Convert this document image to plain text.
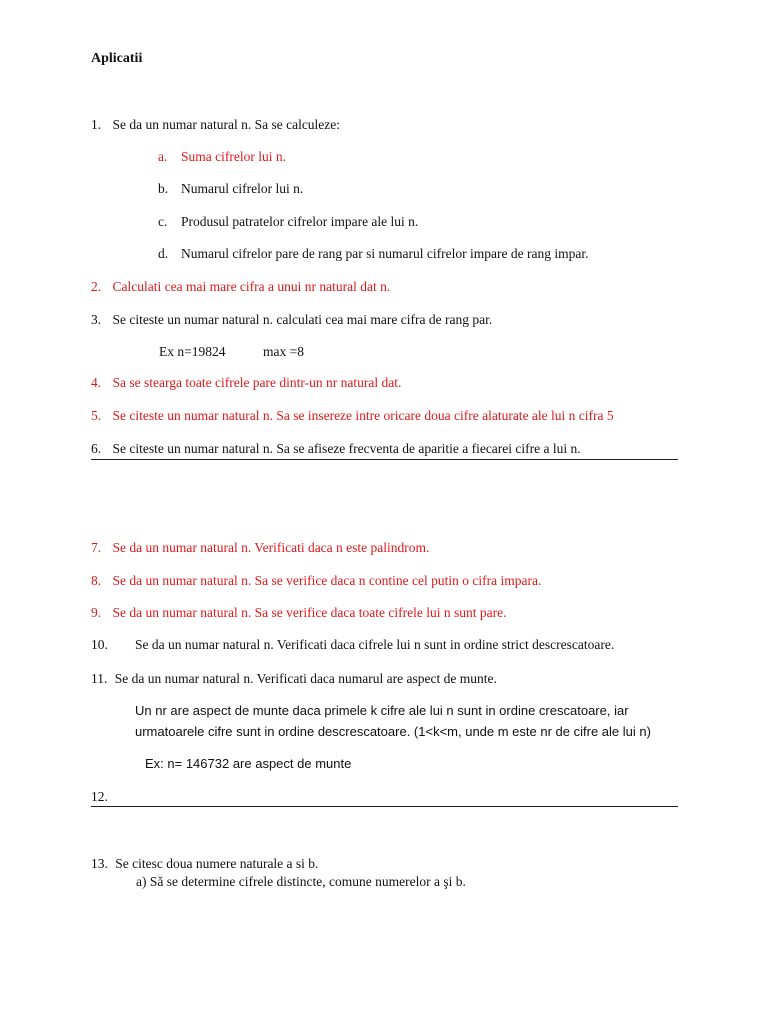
Aplicatii
1. Se da un numar natural n. Sa se calculeze:
a. Suma cifrelor lui n.
b. Numarul cifrelor lui n.
c. Produsul patratelor cifrelor impare ale lui n.
d. Numarul cifrelor pare de rang par si numarul cifrelor impare de rang impar.
2. Calculati cea mai mare cifra a unui nr natural dat n.
3. Se citeste un numar natural n. calculati cea mai mare cifra de rang par.
Ex n=19824	max =8
4. Sa se stearga toate cifrele pare dintr-un nr natural dat.
5. Se citeste un numar natural n. Sa se insereze intre oricare doua cifre alaturate ale lui n cifra 5
6. Se citeste un numar natural n. Sa se afiseze frecventa de aparitie a fiecarei cifre a lui n.
7. Se da un numar natural n. Verificati daca n este palindrom.
8. Se da un numar natural n. Sa se verifice daca n contine cel putin o cifra impara.
9. Se da un numar natural n. Sa se verifice daca toate cifrele lui n sunt pare.
10. Se da un numar natural n. Verificati daca cifrele lui n sunt in ordine strict descrescatoare.
11. Se da un numar natural n. Verificati daca numarul are aspect de munte.
Un nr are aspect de munte daca primele k cifre ale lui n sunt in ordine crescatoare, iar
urmatoarele cifre sunt in ordine descrescatoare. (1<k<m, unde m este nr de cifre ale lui n)
Ex: n= 146732 are aspect de munte
12.
13. Se citesc doua numere naturale a si b.
a) Să se determine cifrele distincte, comune numerelor a şi b.
